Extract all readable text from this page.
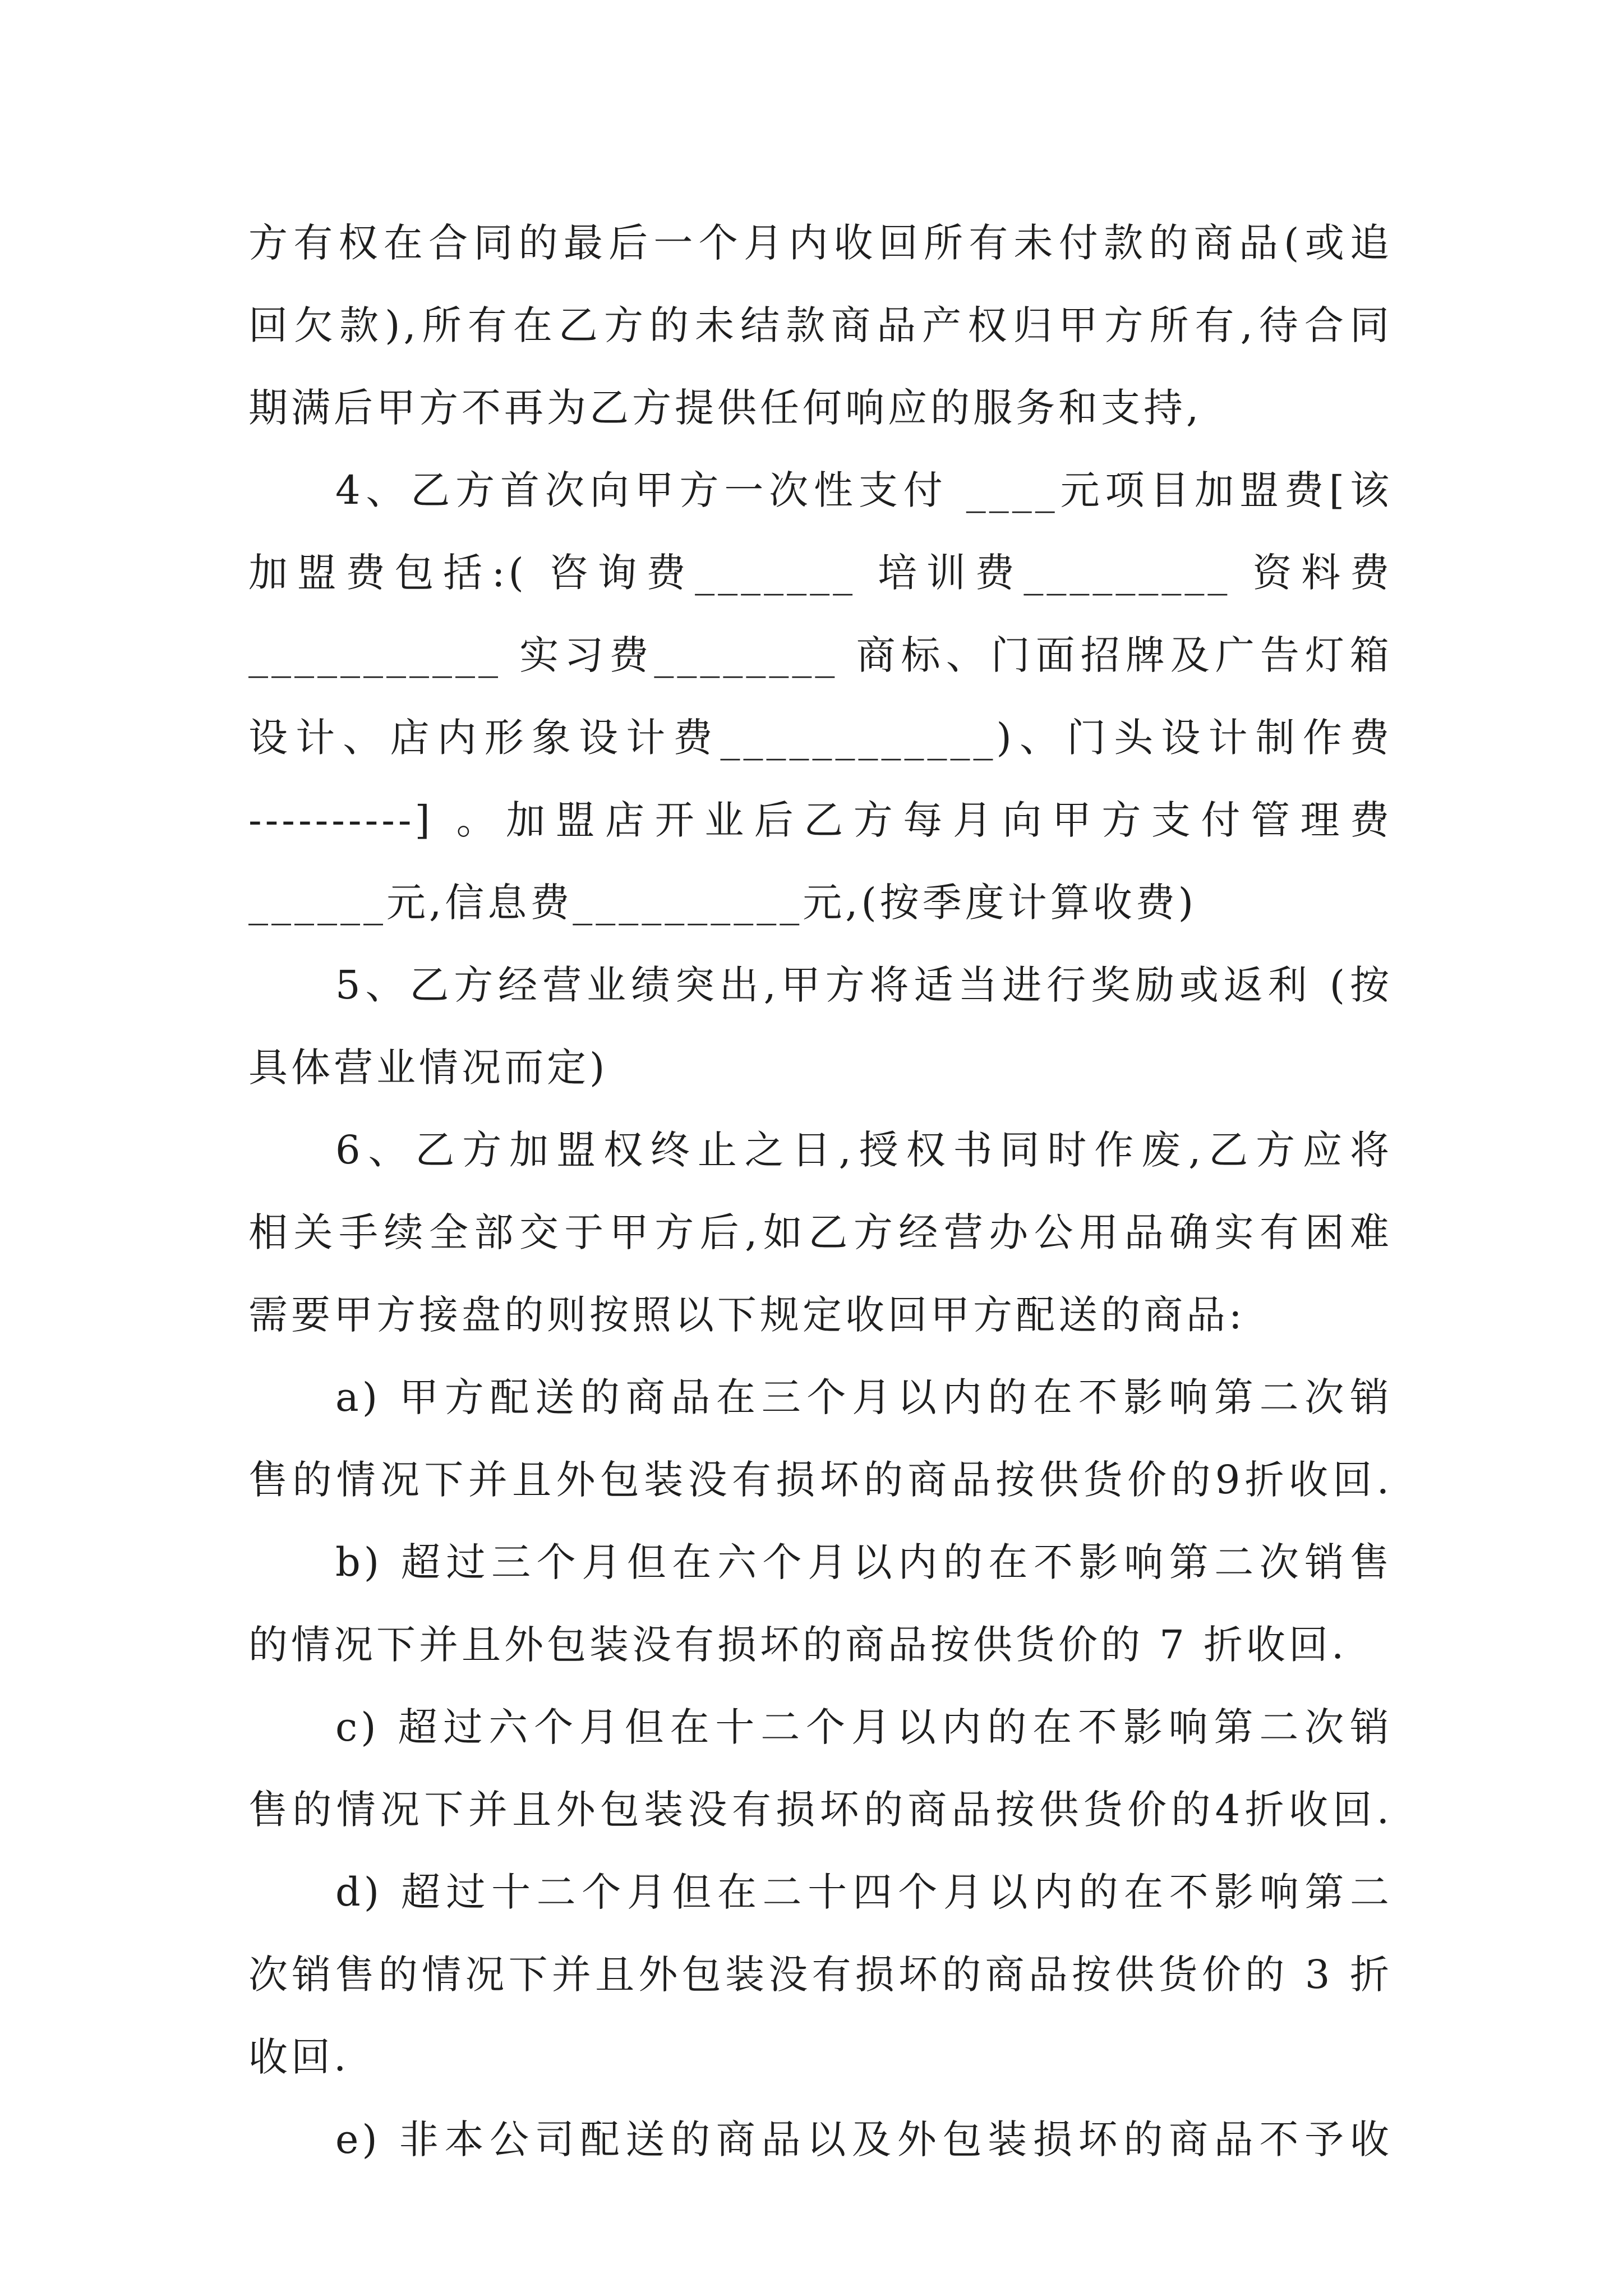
方有权在合同的最后一个月内收回所有未付款的商品(或追
回欠款),所有在乙方的未结款商品产权归甲方所有,待合同
期满后甲方不再为乙方提供任何响应的服务和支持,
4、乙方首次向甲方一次性支付 ____元项目加盟费[该
加盟费包括:( 咨询费_______ 培训费_________ 资料费
___________ 实习费________ 商标、门面招牌及广告灯箱
设计、店内形象设计费____________)、门头设计制作费
----------] 。加盟店开业后乙方每月向甲方支付管理费
______元,信息费__________元,(按季度计算收费)
5、乙方经营业绩突出,甲方将适当进行奖励或返利 (按
具体营业情况而定)
6、乙方加盟权终止之日,授权书同时作废,乙方应将
相关手续全部交于甲方后,如乙方经营办公用品确实有困难
需要甲方接盘的则按照以下规定收回甲方配送的商品:
a) 甲方配送的商品在三个月以内的在不影响第二次销
售的情况下并且外包装没有损坏的商品按供货价的9折收回.
b) 超过三个月但在六个月以内的在不影响第二次销售
的情况下并且外包装没有损坏的商品按供货价的 7 折收回.
c) 超过六个月但在十二个月以内的在不影响第二次销
售的情况下并且外包装没有损坏的商品按供货价的4折收回.
d) 超过十二个月但在二十四个月以内的在不影响第二
次销售的情况下并且外包装没有损坏的商品按供货价的 3 折
收回.
e) 非本公司配送的商品以及外包装损坏的商品不予收
